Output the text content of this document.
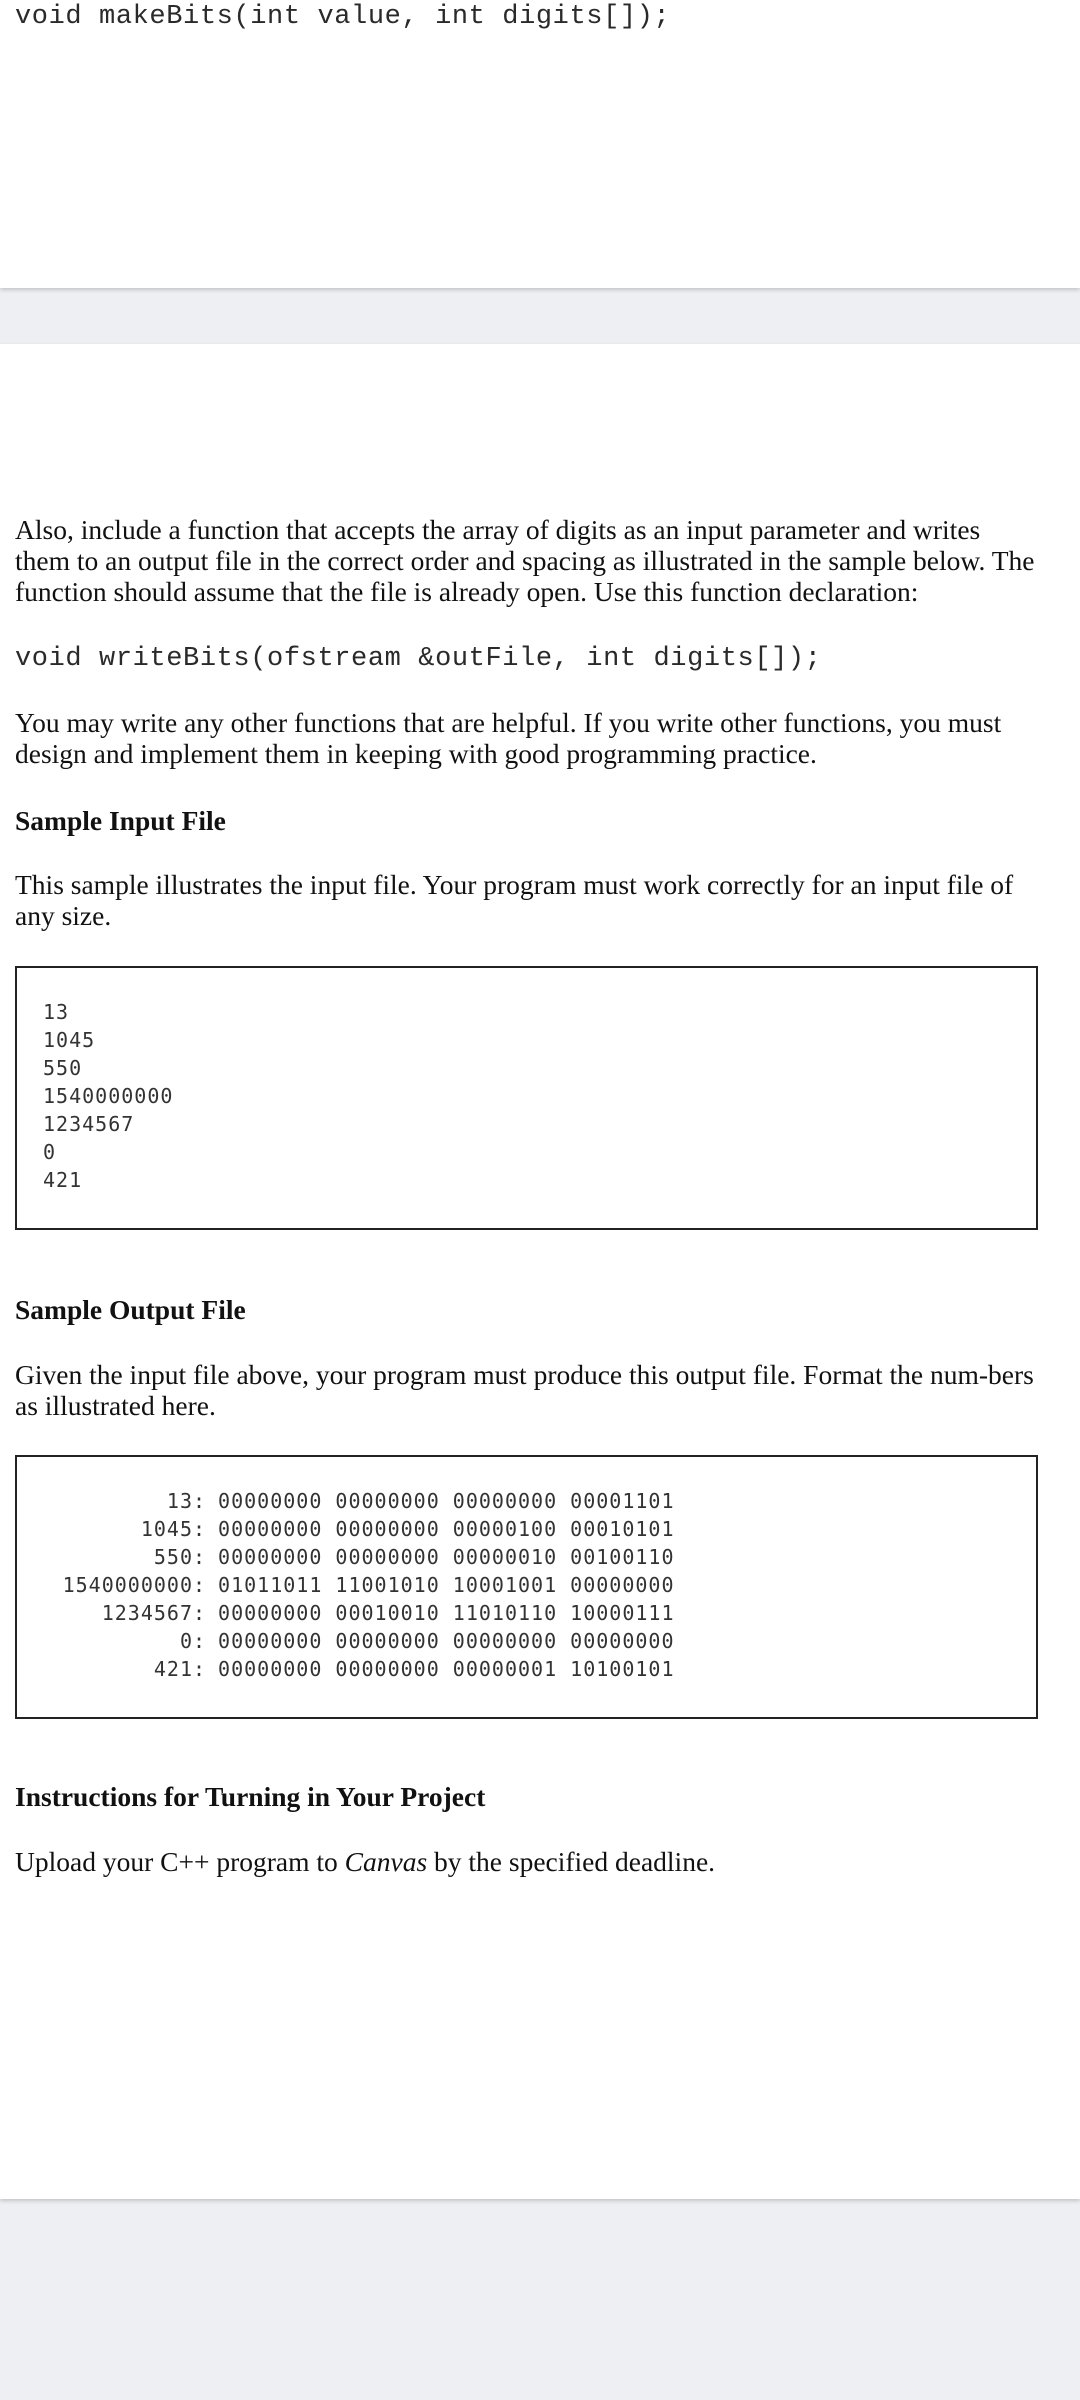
void makeBits(int value, int digits[]);

Also, include a function that accepts the array of digits as an input parameter and writes them to an output file in the correct order and spacing as illustrated in the sample below. The function should assume that the file is already open. Use this function declaration:

void writeBits(ofstream &outFile, int digits[]);

You may write any other functions that are helpful. If you write other functions, you must design and implement them in keeping with good programming practice.

Sample Input File

This sample illustrates the input file. Your program must work correctly for an input file of any size.

13
1045
550
1540000000
1234567
0
421

Sample Output File

Given the input file above, your program must produce this output file. Format the num-bers as illustrated here.

13 : 00000000 00000000 00000000 00001101
1045 : 00000000 00000000 00000100 00010101
550 : 00000000 00000000 00000010 00100110
1540000000 : 01011011 11001010 10001001 00000000
1234567 : 00000000 00010010 11010110 10000111
0 : 00000000 00000000 00000000 00000000
421 : 00000000 00000000 00000001 10100101

Instructions for Turning in Your Project

Upload your C++ program to Canvas by the specified deadline.
